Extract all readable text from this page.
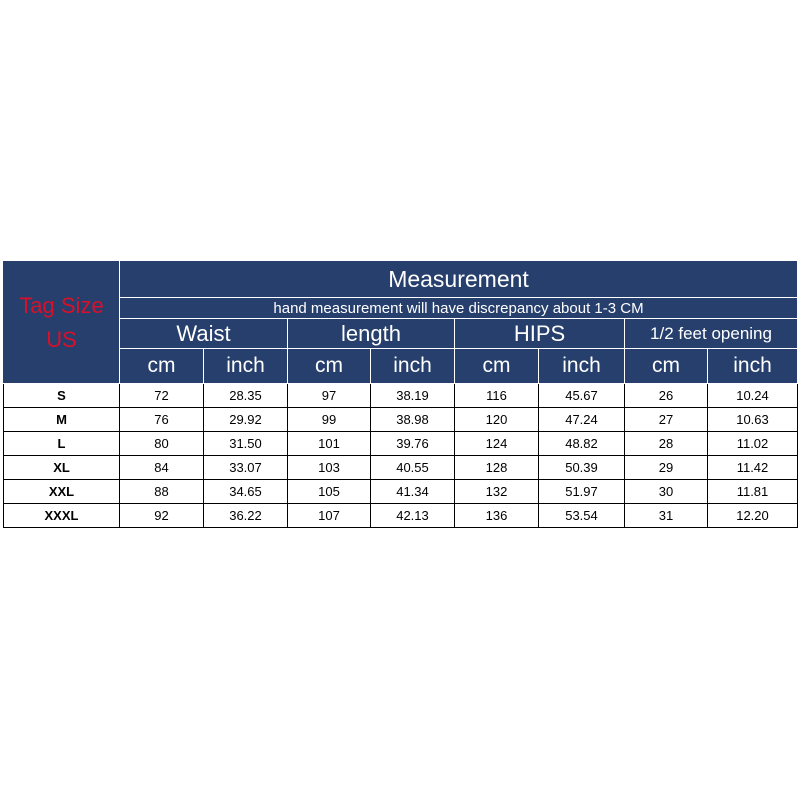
Tag Size
US	Measurement							
	hand measurement will have discrepancy about 1-3 CM							
	Waist		length		HIPS		1/2 feet opening	
	cm	inch	cm	inch	cm	inch	cm	inch
S	72	28.35	97	38.19	116	45.67	26	10.24
M	76	29.92	99	38.98	120	47.24	27	10.63
L	80	31.50	101	39.76	124	48.82	28	11.02
XL	84	33.07	103	40.55	128	50.39	29	11.42
XXL	88	34.65	105	41.34	132	51.97	30	11.81
XXXL	92	36.22	107	42.13	136	53.54	31	12.20
